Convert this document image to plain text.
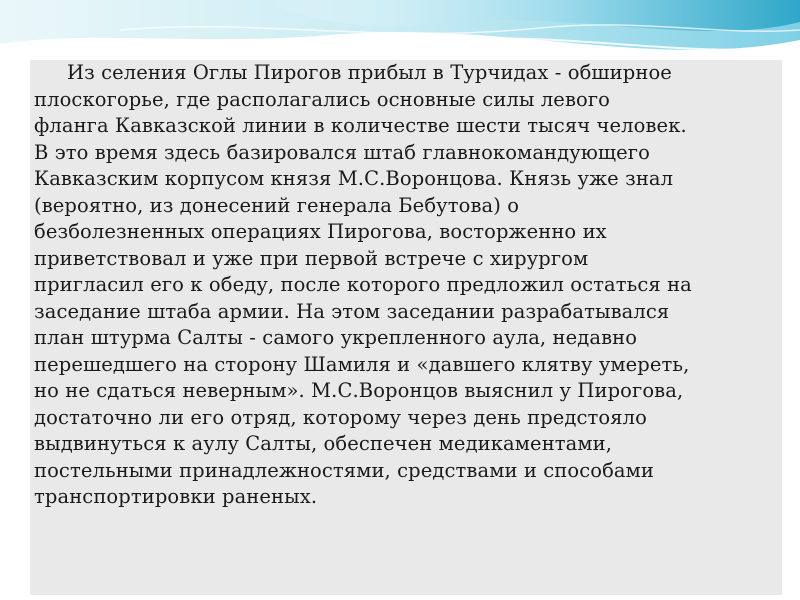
Из селения Оглы Пирогов прибыл в Турчидах - обширное
плоскогорье, где располагались основные силы левого
фланга Кавказской линии в количестве шести тысяч человек.
В это время здесь базировался штаб главнокомандующего
Кавказским корпусом князя М.С.Воронцова. Князь уже знал
(вероятно, из донесений генерала Бебутова) о
безболезненных операциях Пирогова, восторженно их
приветствовал и уже при первой встрече с хирургом
пригласил его к обеду, после которого предложил остаться на
заседание штаба армии. На этом заседании разрабатывался
план штурма Салты - самого укрепленного аула, недавно
перешедшего на сторону Шамиля и «давшего клятву умереть,
но не сдаться неверным». М.С.Воронцов выяснил у Пирогова,
достаточно ли его отряд, которому через день предстояло
выдвинуться к аулу Салты, обеспечен медикаментами,
постельными принадлежностями, средствами и способами
транспортировки раненых.
